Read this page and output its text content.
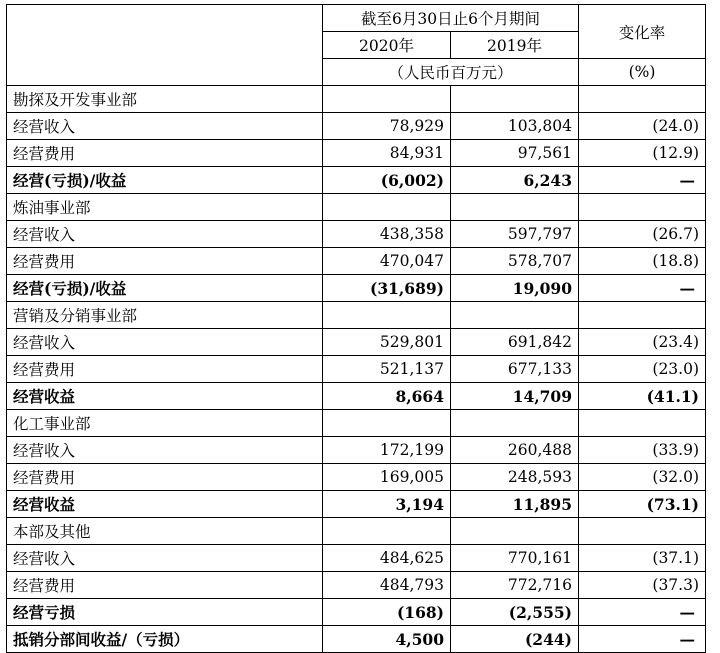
	截至6月30日止6个月期间		变化率
	2020年	2019年	
	（人民币百万元）		(%)
勘探及开发事业部			
经营收入	78,929	103,804	(24.0)
经营费用	84,931	97,561	(12.9)
经营(亏损)/收益	(6,002)	6,243	—
炼油事业部			
经营收入	438,358	597,797	(26.7)
经营费用	470,047	578,707	(18.8)
经营(亏损)/收益	(31,689)	19,090	—
营销及分销事业部			
经营收入	529,801	691,842	(23.4)
经营费用	521,137	677,133	(23.0)
经营收益	8,664	14,709	(41.1)
化工事业部			
经营收入	172,199	260,488	(33.9)
经营费用	169,005	248,593	(32.0)
经营收益	3,194	11,895	(73.1)
本部及其他			
经营收入	484,625	770,161	(37.1)
经营费用	484,793	772,716	(37.3)
经营亏损	(168)	(2,555)	—
抵销分部间收益/（亏损）	4,500	(244)	—
